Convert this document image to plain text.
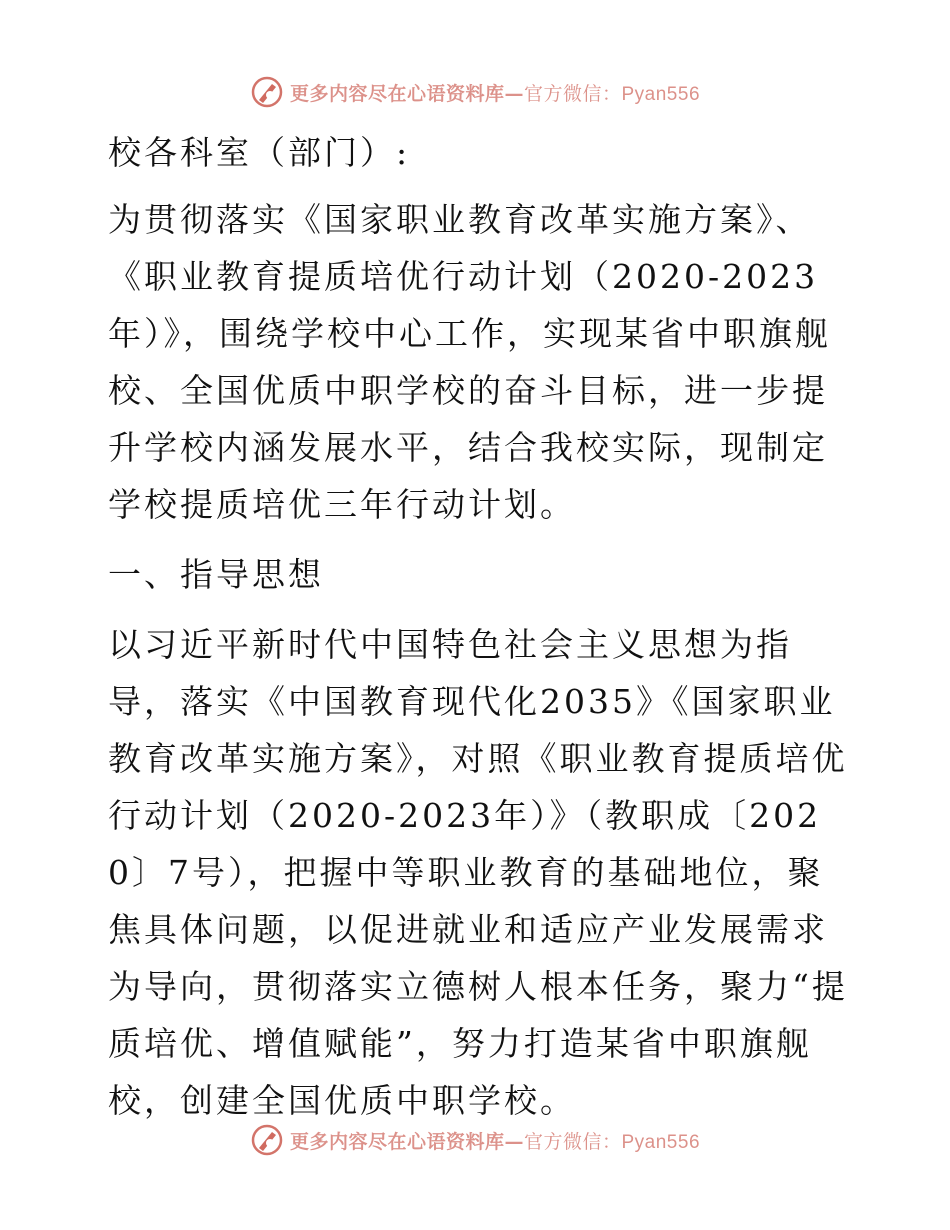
更多内容尽在心语资料库—官方微信：Pyan556

校各科室（部门）:

为贯彻落实《国家职业教育改革实施方案》、《职业教育提质培优行动计划（2020-2023年）》，围绕学校中心工作，实现某省中职旗舰校、全国优质中职学校的奋斗目标，进一步提升学校内涵发展水平，结合我校实际，现制定学校提质培优三年行动计划。

一、指导思想

以习近平新时代中国特色社会主义思想为指导，落实《中国教育现代化2035》《国家职业教育改革实施方案》，对照《职业教育提质培优行动计划（2020-2023年）》（教职成〔2020〕7号），把握中等职业教育的基础地位，聚焦具体问题，以促进就业和适应产业发展需求为导向，贯彻落实立德树人根本任务，聚力“提质培优、增值赋能”，努力打造某省中职旗舰校，创建全国优质中职学校。

更多内容尽在心语资料库—官方微信：Pyan556
